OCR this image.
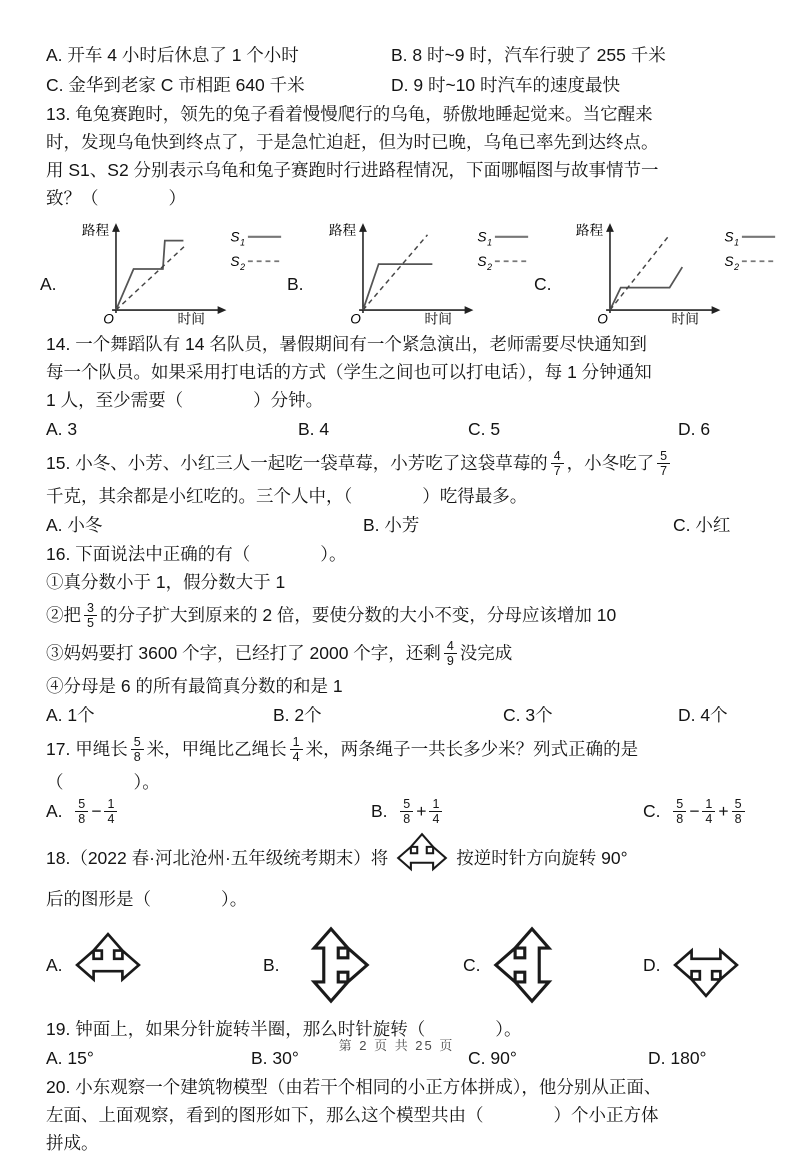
A. 开车 4 小时后休息了 1 个小时	B. 8 时~9 时，汽车行驶了 255 千米
C. 金华到老家 C 市相距 640 千米	D. 9 时~10 时汽车的速度最快

13. 龟兔赛跑时，领先的兔子看着慢慢爬行的乌龟，骄傲地睡起觉来。当它醒来

时，发现乌龟快到终点了，于是急忙迫赶，但为时已晚，乌龟已率先到达终点。

用 S1、S2 分别表示乌龟和兔子赛跑时行进路程情况，下面哪幅图与故事情节一

致？（　　　　）

A.
路程
O	时间
S 1
S 2
B.
路程
O	时间
S 1
S 2
C.
路程
O	时间
S 1
S 2

14. 一个舞蹈队有 14 名队员，暑假期间有一个紧急演出，老师需要尽快通知到

每一个队员。如果采用打电话的方式（学生之间也可以打电话），每 1 分钟通知

1 人，至少需要（　　　　）分钟。

A. 3	B. 4	C. 5	D. 6

15. 小冬、小芳、小红三人一起吃一袋草莓，小芳吃了这袋草莓的 $\frac{4}{7}$ ，小冬吃了 $\frac{5}{7}$

千克，其余都是小红吃的。三个人中，（　　　　）吃得最多。

A. 小冬	B. 小芳	C. 小红

16. 下面说法中正确的有（　　　　）。

①真分数小于 1，假分数大于 1

②把 $\frac{3}{5}$ 的分子扩大到原来的 2 倍，要使分数的大小不变，分母应该增加 10

③妈妈要打 3600 个字，已经打了 2000 个字，还剩 $\frac{4}{9}$ 没完成

④分母是 6 的所有最简真分数的和是 1

A. 1个	B. 2个	C. 3个	D. 4个

17. 甲绳长 $\frac{5}{8}$ 米，甲绳比乙绳长 $\frac{1}{4}$ 米，两条绳子一共长多少米？列式正确的是

（　　　　）。

A. $\frac{5}{8} - \frac{1}{4}$	B. $\frac{5}{8} + \frac{1}{4}$	C. $\frac{5}{8} - \frac{1}{4} + \frac{5}{8}$
18.（2022 春·河北沧州·五年级统考期末）将	按逆时针方向旋转 90°

后的图形是（　　　　）。

A.	B.	C.	D.

19. 钟面上，如果分针旋转半圈，那么时针旋转（　　　　）。

A. 15°	B. 30°	C. 90°	D. 180°

20. 小东观察一个建筑物模型（由若干个相同的小正方体拼成），他分别从正面、

左面、上面观察，看到的图形如下，那么这个模型共由（　　　　）个小正方体

拼成。

第 2 页 共 25 页
